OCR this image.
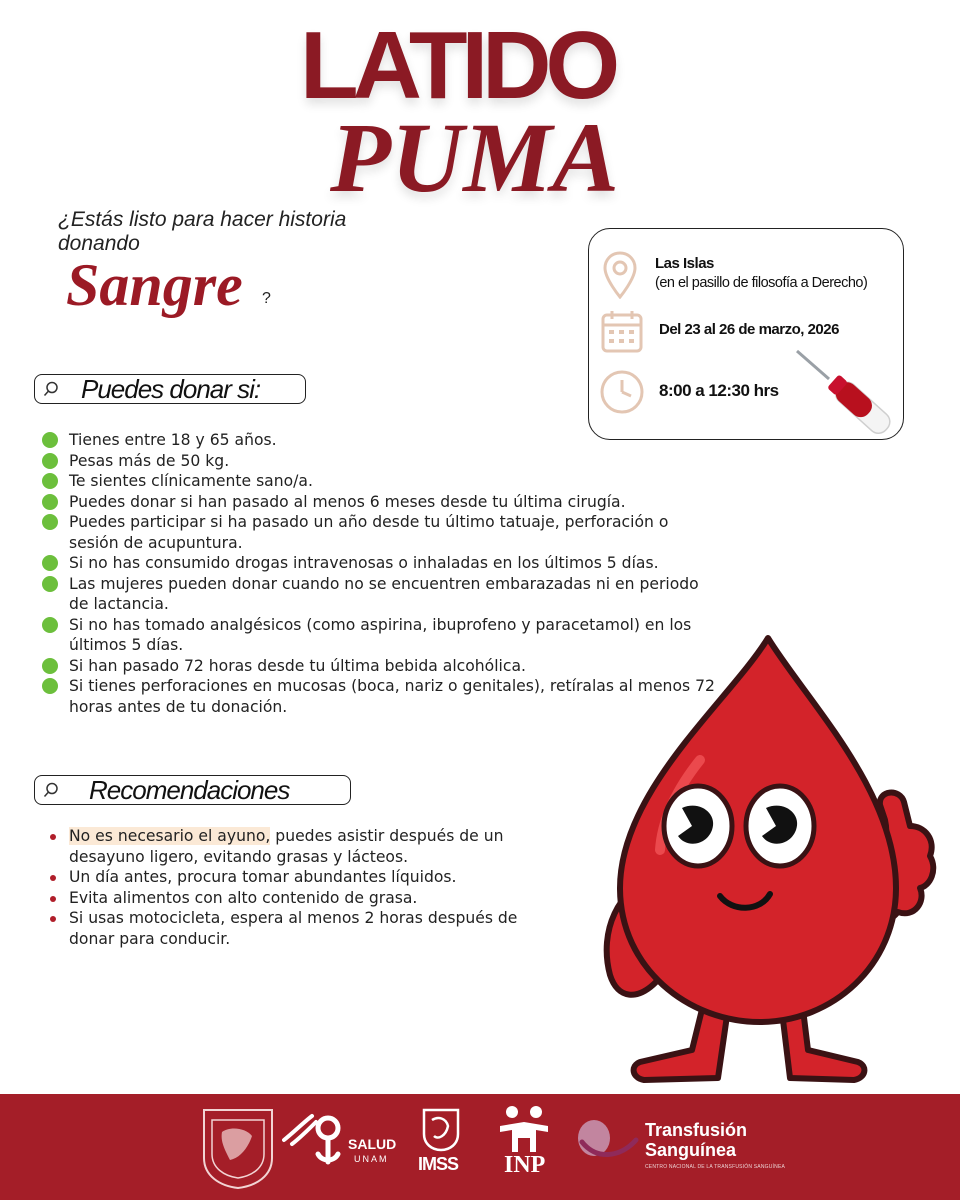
LATIDO
PUMA
¿Estás listo para hacer historia donando
Sangre ?
Las Islas
(en el pasillo de filosofía a Derecho)
Del 23 al 26 de marzo, 2026
8:00 a 12:30 hrs
Puedes donar si:
Tienes entre 18 y 65 años.
Pesas más de 50 kg.
Te sientes clínicamente sano/a.
Puedes donar si han pasado al menos 6 meses desde tu última cirugía.
Puedes participar si ha pasado un año desde tu último tatuaje, perforación o sesión de acupuntura.
Si no has consumido drogas intravenosas o inhaladas en los últimos 5 días.
Las mujeres pueden donar cuando no se encuentren embarazadas ni en periodo de lactancia.
Si no has tomado analgésicos (como aspirina, ibuprofeno y paracetamol) en los últimos 5 días.
Si han pasado 72 horas desde tu última bebida alcohólica.
Si tienes perforaciones en mucosas (boca, nariz o genitales), retíralas al menos 72 horas antes de tu donación.
Recomendaciones
No es necesario el ayuno, puedes asistir después de un desayuno ligero, evitando grasas y lácteos.
Un día antes, procura tomar abundantes líquidos.
Evita alimentos con alto contenido de grasa.
Si usas motocicleta, espera al menos 2 horas después de donar para conducir.
SALUD
UNAM IMSS INP
Transfusión
Sanguínea
CENTRO NACIONAL DE LA TRANSFUSIÓN SANGUÍNEA
